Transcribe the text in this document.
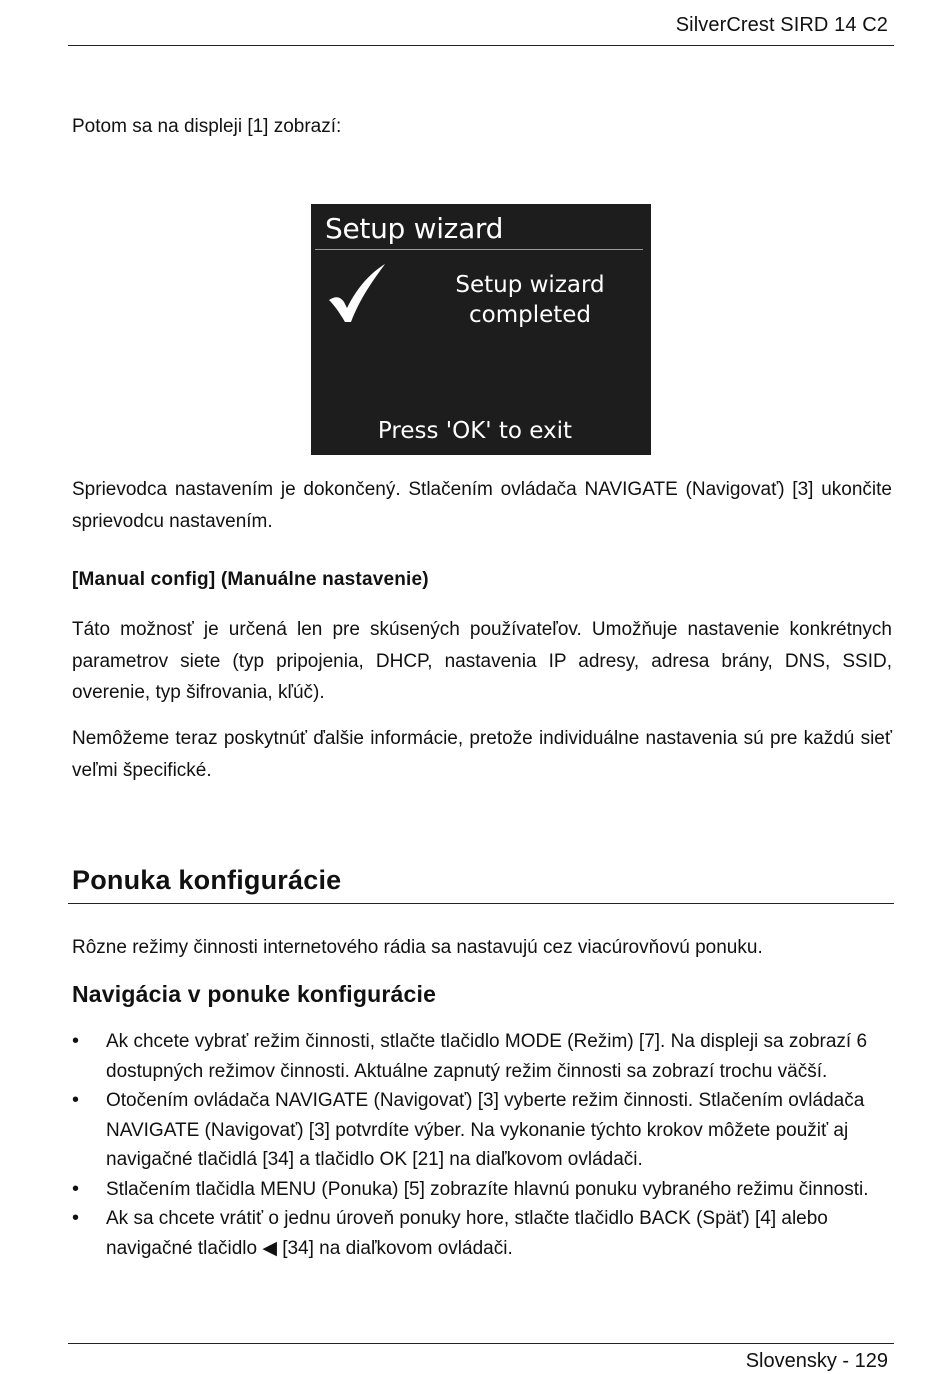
SilverCrest SIRD 14 C2
Potom sa na displeji [1] zobrazí:
Setup wizard
Setup wizard
completed
Press 'OK' to exit
Sprievodca nastavením je dokončený. Stlačením ovládača NAVIGATE (Navigovať) [3] ukončite sprievodcu nastavením.
[Manual config] (Manuálne nastavenie)
Táto možnosť je určená len pre skúsených používateľov. Umožňuje nastavenie konkrétnych parametrov siete (typ pripojenia, DHCP, nastavenia IP adresy, adresa brány, DNS, SSID, overenie, typ šifrovania, kľúč).
Nemôžeme teraz poskytnúť ďalšie informácie, pretože individuálne nastavenia sú pre každú sieť veľmi špecifické.
Ponuka konfigurácie
Rôzne režimy činnosti internetového rádia sa nastavujú cez viacúrovňovú ponuku.
Navigácia v ponuke konfigurácie
• Ak chcete vybrať režim činnosti, stlačte tlačidlo MODE (Režim) [7]. Na displeji sa zobrazí 6 dostupných režimov činnosti. Aktuálne zapnutý režim činnosti sa zobrazí trochu väčší.
• Otočením ovládača NAVIGATE (Navigovať) [3] vyberte režim činnosti. Stlačením ovládača NAVIGATE (Navigovať) [3] potvrdíte výber. Na vykonanie týchto krokov môžete použiť aj navigačné tlačidlá [34] a tlačidlo OK [21] na diaľkovom ovládači.
• Stlačením tlačidla MENU (Ponuka) [5] zobrazíte hlavnú ponuku vybraného režimu činnosti.
• Ak sa chcete vrátiť o jednu úroveň ponuky hore, stlačte tlačidlo BACK (Späť) [4] alebo navigačné tlačidlo ◀ [34] na diaľkovom ovládači.
Slovensky - 129
